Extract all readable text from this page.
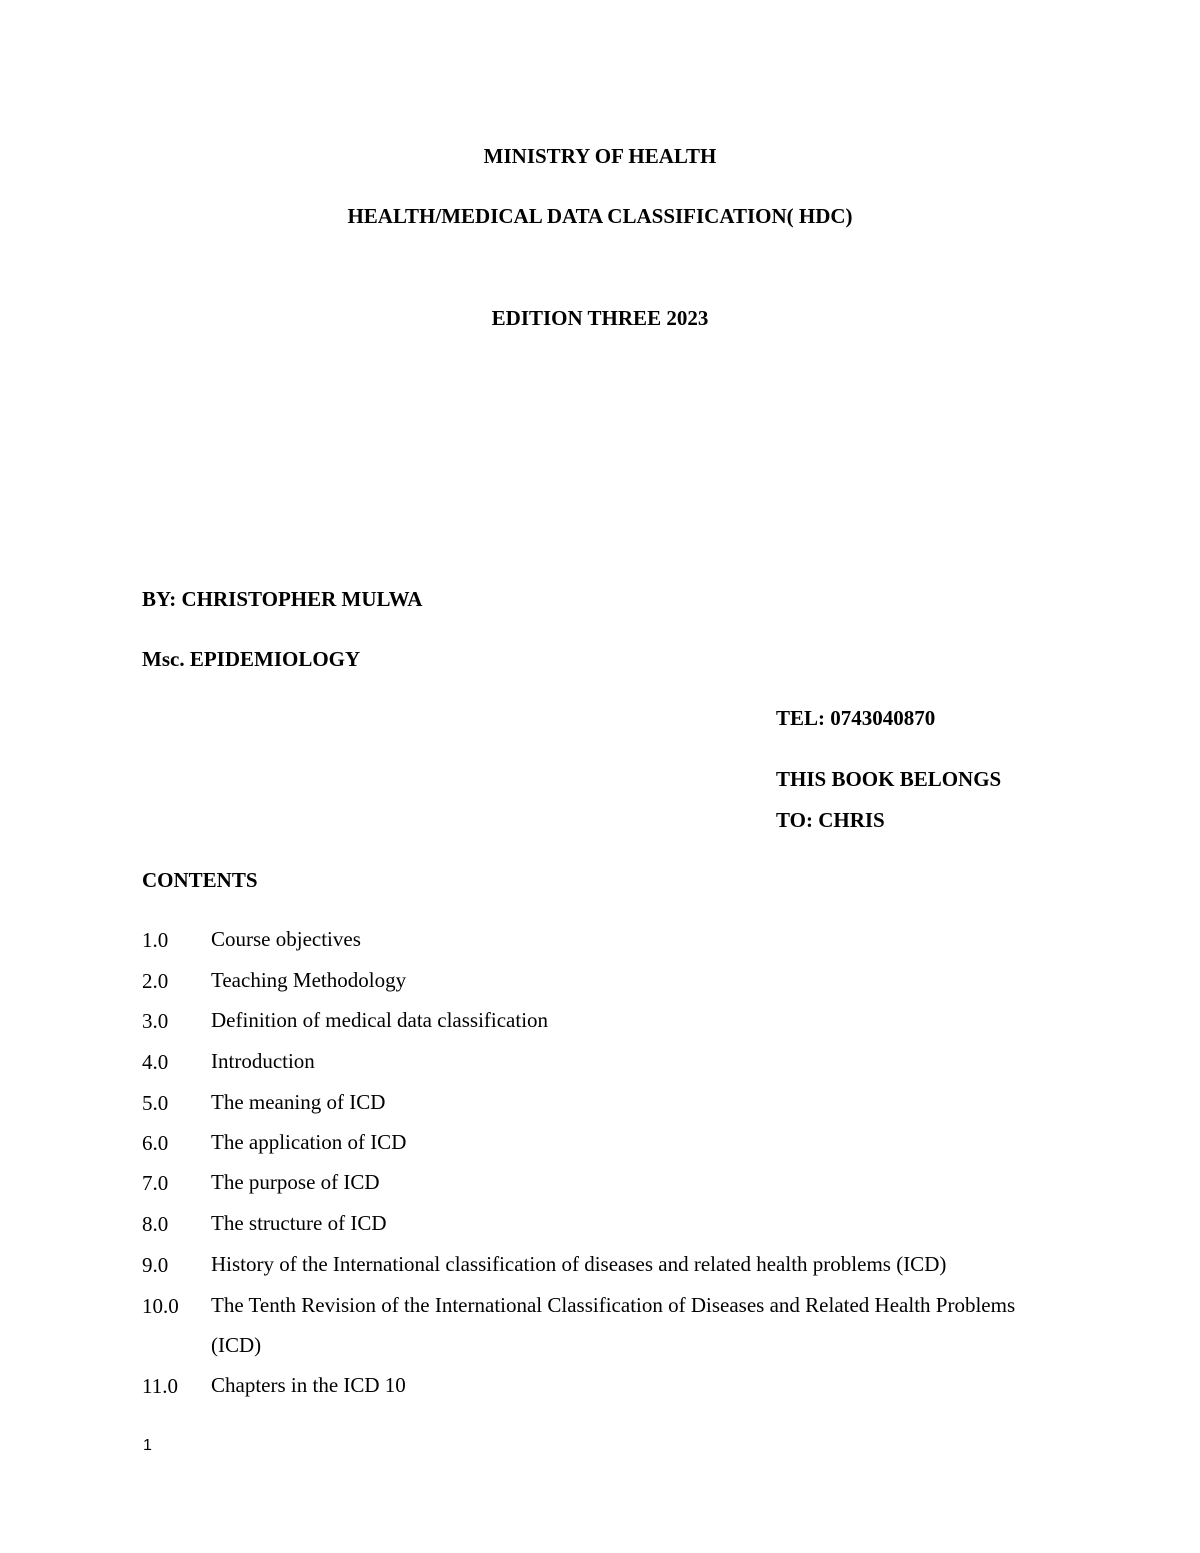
MINISTRY OF HEALTH
HEALTH/MEDICAL DATA CLASSIFICATION( HDC)
EDITION THREE 2023
BY: CHRISTOPHER MULWA
Msc. EPIDEMIOLOGY
TEL: 0743040870
THIS BOOK BELONGS
TO: CHRIS
CONTENTS
1.0 Course objectives
2.0 Teaching Methodology
3.0 Definition of medical data classification
4.0 Introduction
5.0 The meaning of ICD
6.0 The application of ICD
7.0 The purpose of ICD
8.0 The structure of ICD
9.0 History of the International classification of diseases and related health problems (ICD)
10.0 The Tenth Revision of the International Classification of Diseases and Related Health Problems (ICD)
11.0 Chapters in the ICD 10
1
